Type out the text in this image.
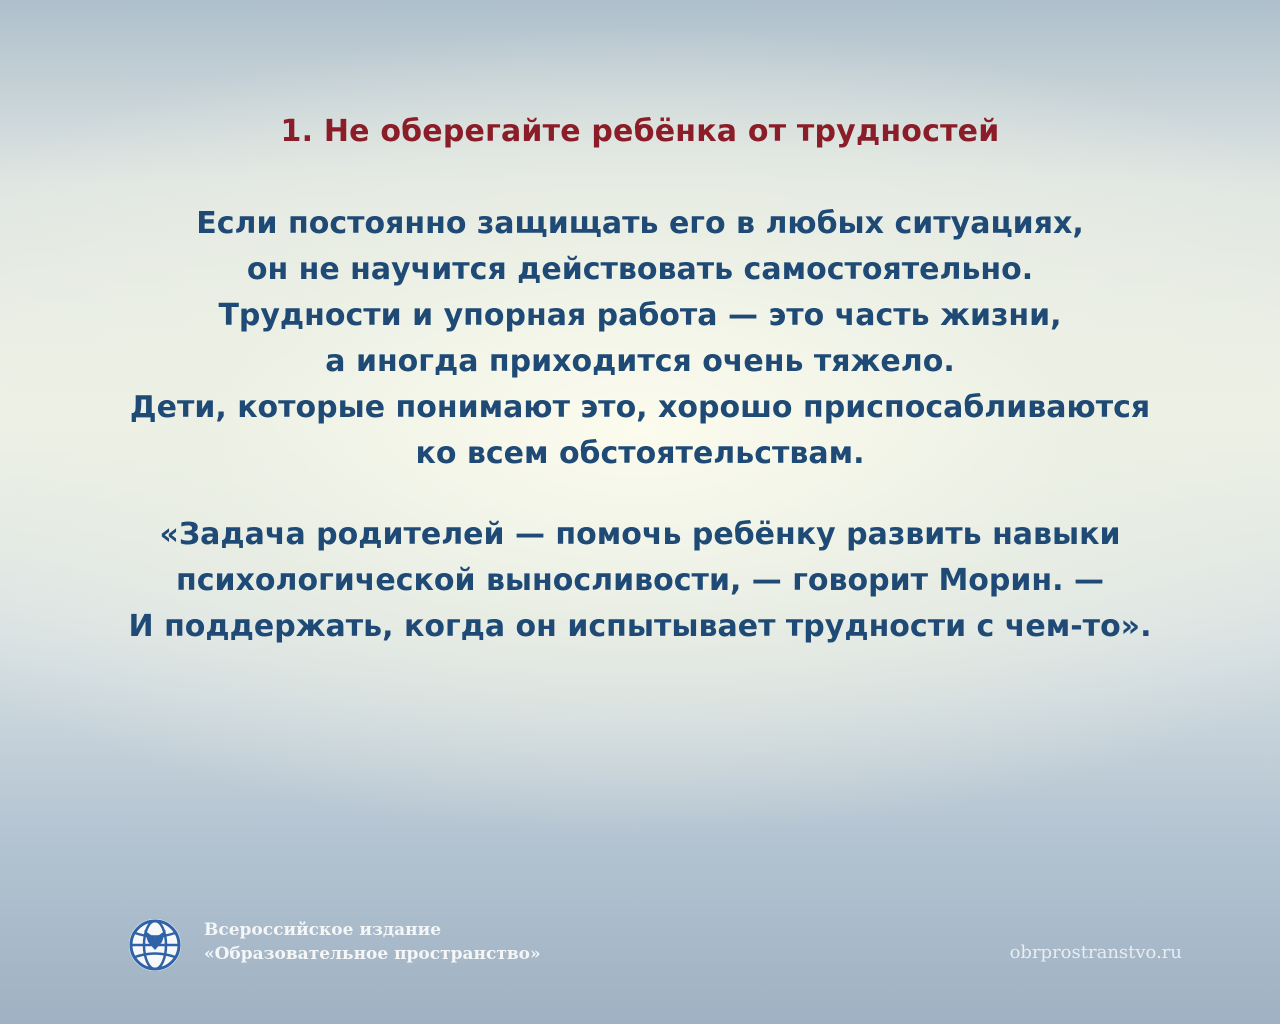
1. Не оберегайте ребёнка от трудностей

Если постоянно защищать его в любых ситуациях,
он не научится действовать самостоятельно.
Трудности и упорная работа — это часть жизни,
а иногда приходится очень тяжело.
Дети, которые понимают это, хорошо приспосабливаются
ко всем обстоятельствам.

«Задача родителей — помочь ребёнку развить навыки
психологической выносливости, — говорит Морин. —
И поддержать, когда он испытывает трудности с чем-то».

Всероссийское издание
«Образовательное пространство»	obrprostranstvo.ru
